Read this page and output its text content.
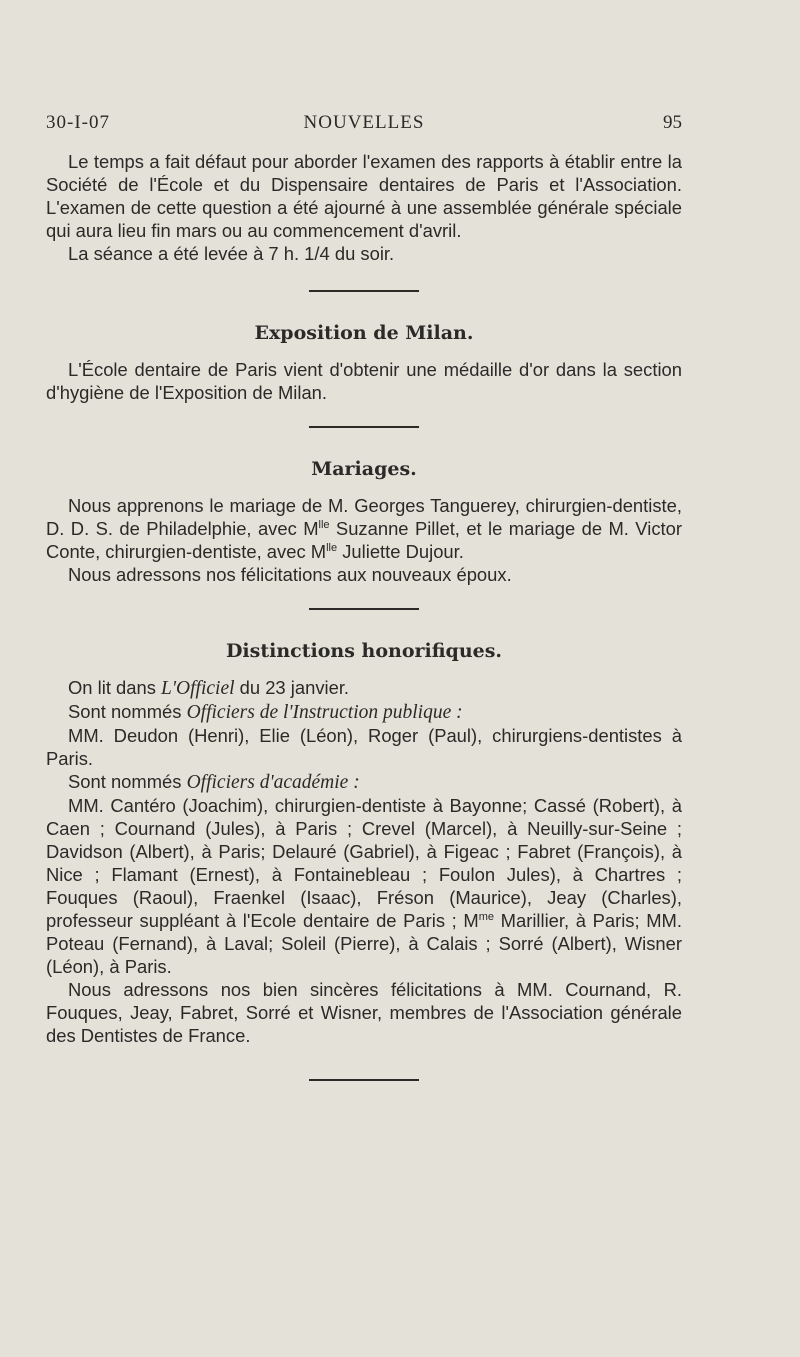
30-I-07	NOUVELLES	95

Le temps a fait défaut pour aborder l'examen des rapports à établir entre la Société de l'École et du Dispensaire dentaires de Paris et l'Association. L'examen de cette question a été ajourné à une assemblée générale spéciale qui aura lieu fin mars ou au commencement d'avril.

La séance a été levée à 7 h. 1/4 du soir.

Exposition de Milan.

L'École dentaire de Paris vient d'obtenir une médaille d'or dans la section d'hygiène de l'Exposition de Milan.

Mariages.

Nous apprenons le mariage de M. Georges Tanguerey, chirurgien-dentiste, D. D. S. de Philadelphie, avec $M^{lle}$ Suzanne Pillet, et le mariage de M. Victor Conte, chirurgien-dentiste, avec $M^{lle}$ Juliette Dujour.

Nous adressons nos félicitations aux nouveaux époux.

Distinctions honorifiques.

On lit dans L'Officiel du 23 janvier.

Sont nommés Officiers de l'Instruction publique :

MM. Deudon (Henri), Elie (Léon), Roger (Paul), chirurgiens-dentistes à Paris.

Sont nommés Officiers d'académie :

MM. Cantéro (Joachim), chirurgien-dentiste à Bayonne; Cassé (Robert), à Caen ; Cournand (Jules), à Paris ; Crevel (Marcel), à Neuilly-sur-Seine ; Davidson (Albert), à Paris; Delauré (Gabriel), à Figeac ; Fabret (François), à Nice ; Flamant (Ernest), à Fontainebleau ; Foulon Jules), à Chartres ; Fouques (Raoul), Fraenkel (Isaac), Fréson (Maurice), Jeay (Charles), professeur suppléant à l'Ecole dentaire de Paris ; $M^{me}$ Marillier, à Paris; MM. Poteau (Fernand), à Laval; Soleil (Pierre), à Calais ; Sorré (Albert), Wisner (Léon), à Paris.

Nous adressons nos bien sincères félicitations à MM. Cournand, R. Fouques, Jeay, Fabret, Sorré et Wisner, membres de l'Association générale des Dentistes de France.
